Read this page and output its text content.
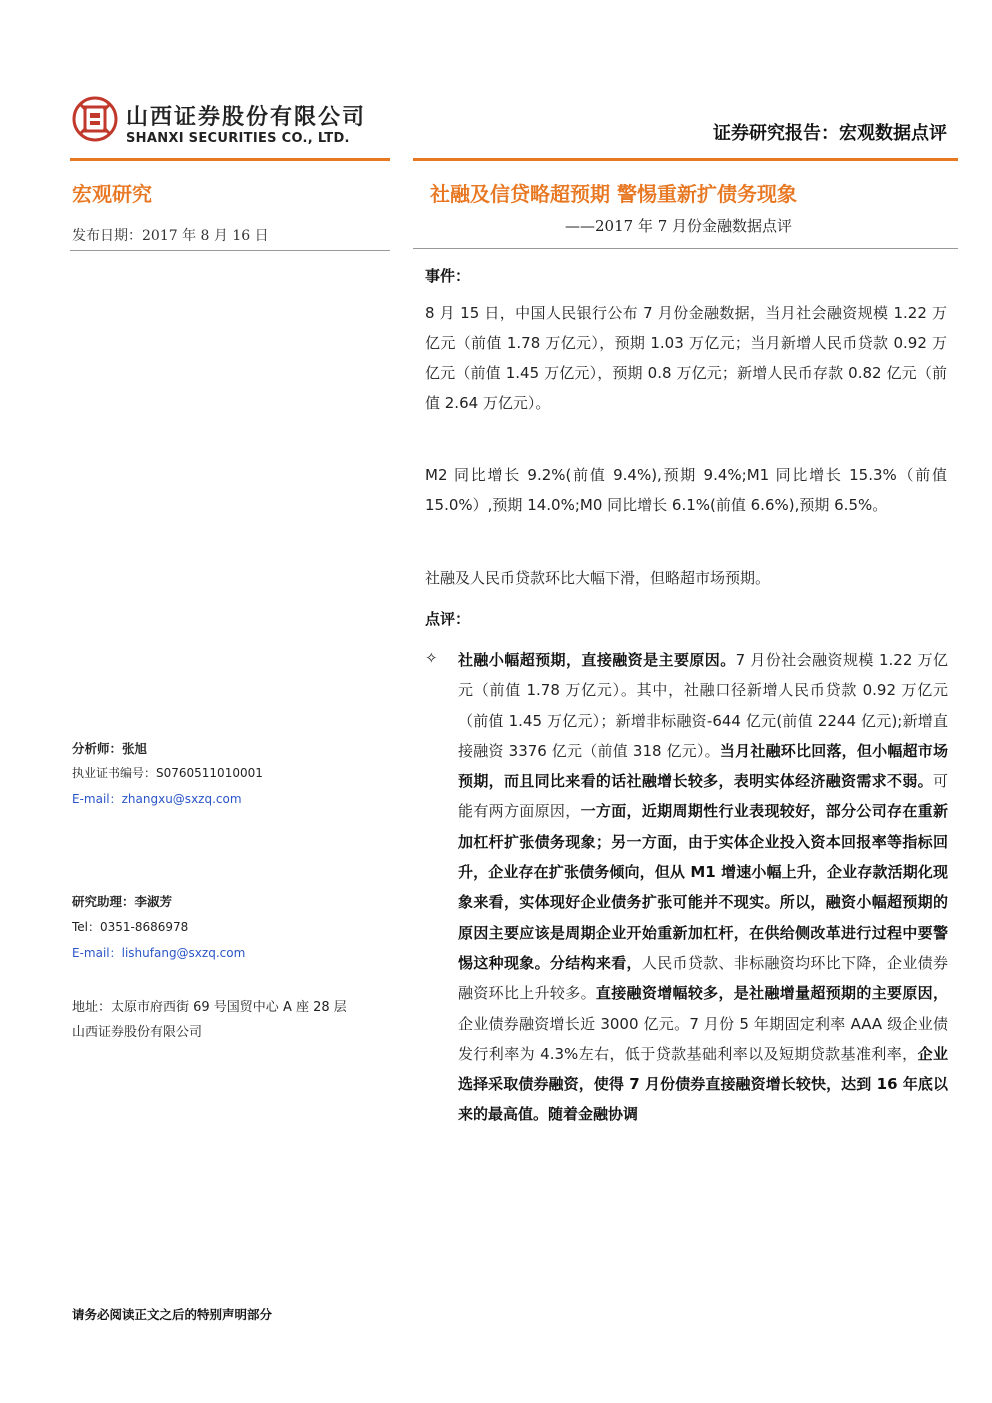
山西证券股份有限公司
SHANXI SECURITIES CO., LTD.	证券研究报告：宏观数据点评
宏观研究
发布日期：2017 年 8 月 16 日
分析师：张旭
执业证书编号：S0760511010001
E-mail：zhangxu@sxzq.com
研究助理：李淑芳
Tel：0351-8686978
E-mail：lishufang@sxzq.com
地址：太原市府西街 69 号国贸中心 A 座 28 层
山西证券股份有限公司
社融及信贷略超预期 警惕重新扩债务现象
——2017 年 7 月份金融数据点评
事件：
8 月 15 日，中国人民银行公布 7 月份金融数据，当月社会融资规模 1.22 万亿元（前值 1.78 万亿元），预期 1.03 万亿元；当月新增人民币贷款 0.92 万亿元（前值 1.45 万亿元），预期 0.8 万亿元；新增人民币存款 0.82 亿元（前值 2.64 万亿元）。
M2 同比增长 9.2%(前值 9.4%),预期 9.4%;M1 同比增长 15.3%（前值 15.0%）,预期 14.0%;M0 同比增长 6.1%(前值 6.6%),预期 6.5%。
社融及人民币贷款环比大幅下滑，但略超市场预期。
点评：
✧ 社融小幅超预期，直接融资是主要原因。7 月份社会融资规模 1.22 万亿元（前值 1.78 万亿元）。其中，社融口径新增人民币贷款 0.92 万亿元（前值 1.45 万亿元）；新增非标融资-644 亿元(前值 2244 亿元);新增直接融资 3376 亿元（前值 318 亿元）。当月社融环比回落，但小幅超市场预期，而且同比来看的话社融增长较多，表明实体经济融资需求不弱。可能有两方面原因，一方面，近期周期性行业表现较好，部分公司存在重新加杠杆扩张债务现象；另一方面，由于实体企业投入资本回报率等指标回升，企业存在扩张债务倾向，但从 M1 增速小幅上升，企业存款活期化现象来看，实体现好企业债务扩张可能并不现实。所以，融资小幅超预期的原因主要应该是周期企业开始重新加杠杆，在供给侧改革进行过程中要警惕这种现象。分结构来看，人民币贷款、非标融资均环比下降，企业债券融资环比上升较多。直接融资增幅较多，是社融增量超预期的主要原因，企业债券融资增长近 3000 亿元。7 月份 5 年期固定利率 AAA 级企业债发行利率为 4.3%左右，低于贷款基础利率以及短期贷款基准利率，企业选择采取债券融资，使得 7 月份债券直接融资增长较快，达到 16 年底以来的最高值。随着金融协调
请务必阅读正文之后的特别声明部分
